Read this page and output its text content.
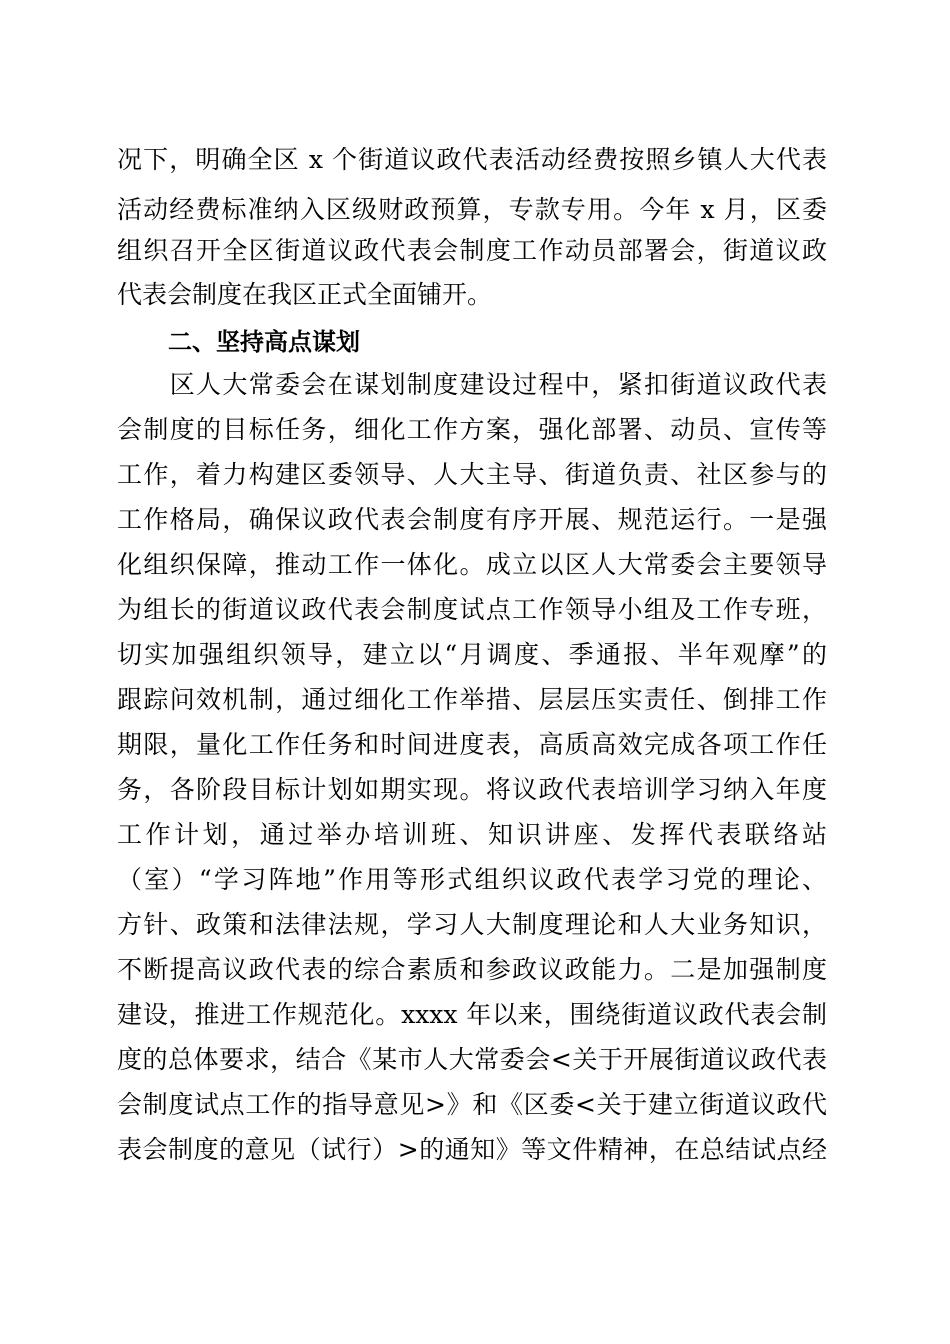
况下，明确全区 x 个街道议政代表活动经费按照乡镇人大代表
活动经费标准纳入区级财政预算，专款专用。今年 x 月，区委
组织召开全区街道议政代表会制度工作动员部署会，街道议政
代表会制度在我区正式全面铺开。
二、坚持高点谋划
　　区人大常委会在谋划制度建设过程中，紧扣街道议政代表
会制度的目标任务，细化工作方案，强化部署、动员、宣传等
工作，着力构建区委领导、人大主导、街道负责、社区参与的
工作格局，确保议政代表会制度有序开展、规范运行。一是强
化组织保障，推动工作一体化。成立以区人大常委会主要领导
为组长的街道议政代表会制度试点工作领导小组及工作专班，
切实加强组织领导，建立以“月调度、季通报、半年观摩”的
跟踪问效机制，通过细化工作举措、层层压实责任、倒排工作
期限，量化工作任务和时间进度表，高质高效完成各项工作任
务，各阶段目标计划如期实现。将议政代表培训学习纳入年度
工作计划，通过举办培训班、知识讲座、发挥代表联络站
（室）“学习阵地”作用等形式组织议政代表学习党的理论、
方针、政策和法律法规，学习人大制度理论和人大业务知识，
不断提高议政代表的综合素质和参政议政能力。二是加强制度
建设，推进工作规范化。xxxx 年以来，围绕街道议政代表会制
度的总体要求，结合《某市人大常委会<关于开展街道议政代表
会制度试点工作的指导意见>》和《区委<关于建立街道议政代
表会制度的意见（试行）>的通知》等文件精神，在总结试点经
